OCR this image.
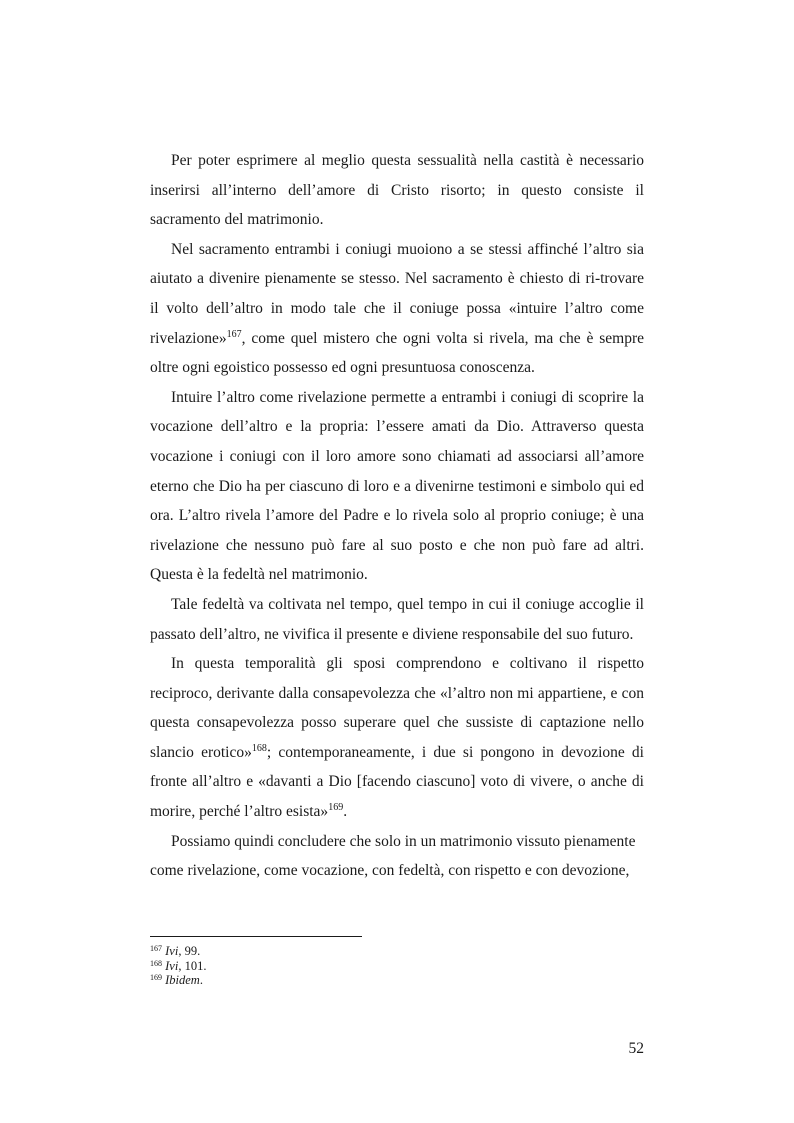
Per poter esprimere al meglio questa sessualità nella castità è necessario inserirsi all’interno dell’amore di Cristo risorto; in questo consiste il sacramento del matrimonio.

Nel sacramento entrambi i coniugi muoiono a se stessi affinché l’altro sia aiutato a divenire pienamente se stesso. Nel sacramento è chiesto di ri-trovare il volto dell’altro in modo tale che il coniuge possa «intuire l’altro come rivelazione»$^{167}$, come quel mistero che ogni volta si rivela, ma che è sempre oltre ogni egoistico possesso ed ogni presuntuosa conoscenza.

Intuire l’altro come rivelazione permette a entrambi i coniugi di scoprire la vocazione dell’altro e la propria: l’essere amati da Dio. Attraverso questa vocazione i coniugi con il loro amore sono chiamati ad associarsi all’amore eterno che Dio ha per ciascuno di loro e a divenirne testimoni e simbolo qui ed ora. L’altro rivela l’amore del Padre e lo rivela solo al proprio coniuge; è una rivelazione che nessuno può fare al suo posto e che non può fare ad altri. Questa è la fedeltà nel matrimonio.

Tale fedeltà va coltivata nel tempo, quel tempo in cui il coniuge accoglie il passato dell’altro, ne vivifica il presente e diviene responsabile del suo futuro.

In questa temporalità gli sposi comprendono e coltivano il rispetto reciproco, derivante dalla consapevolezza che «l’altro non mi appartiene, e con questa consapevolezza posso superare quel che sussiste di captazione nello slancio erotico»$^{168}$; contemporaneamente, i due si pongono in devozione di fronte all’altro e «davanti a Dio [facendo ciascuno] voto di vivere, o anche di morire, perché l’altro esista»$^{169}$.

Possiamo quindi concludere che solo in un matrimonio vissuto pienamente come rivelazione, come vocazione, con fedeltà, con rispetto e con devozione,

$^{167}$ Ivi, 99.

$^{168}$ Ivi, 101.

$^{169}$ Ibidem.

52
